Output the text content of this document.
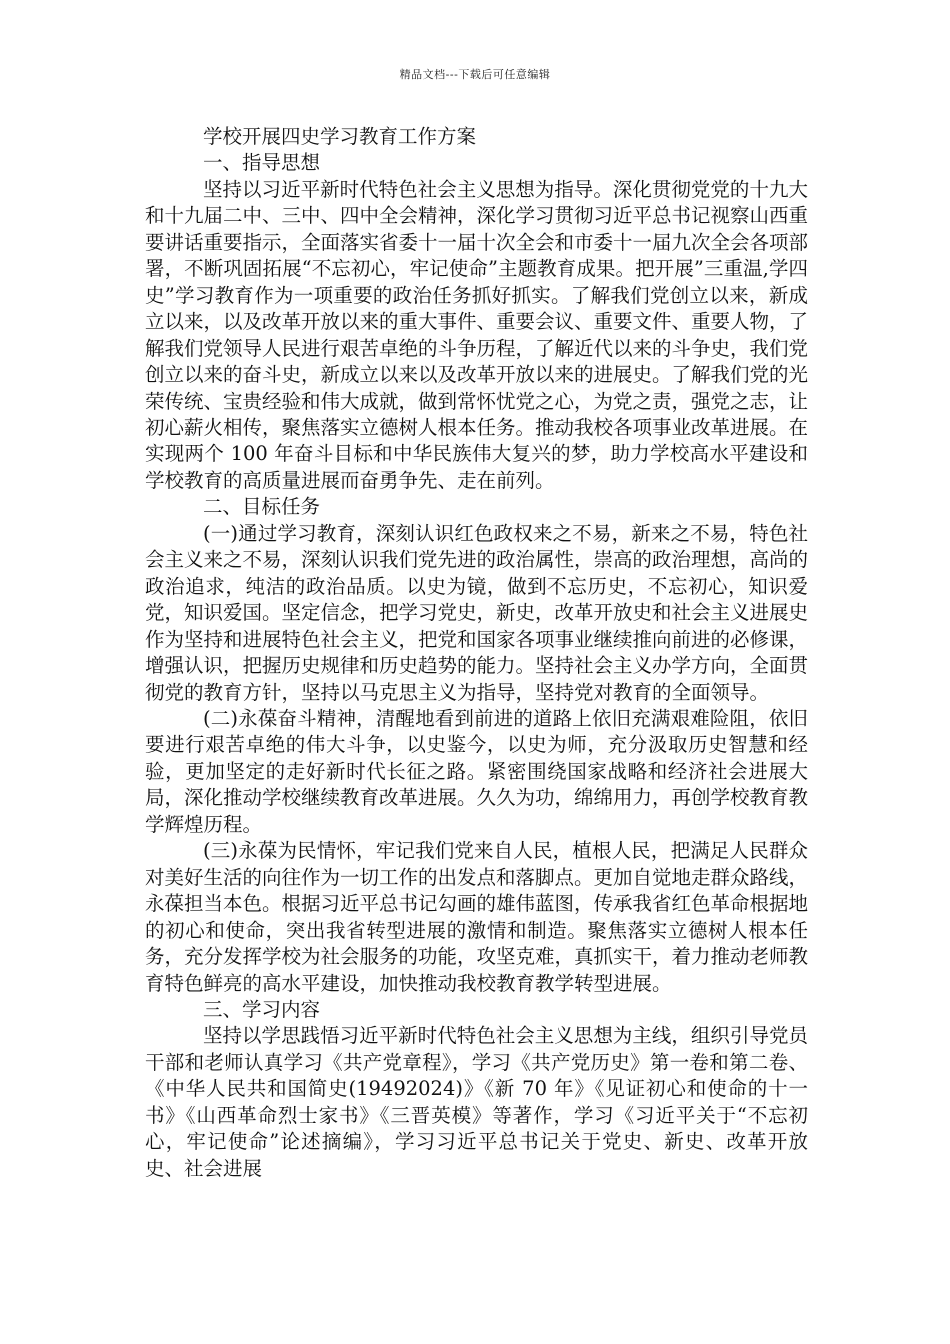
精品文档---下载后可任意编辑

学校开展四史学习教育工作方案

一、指导思想

坚持以习近平新时代特色社会主义思想为指导。深化贯彻党党的十九大和十九届二中、三中、四中全会精神，深化学习贯彻习近平总书记视察山西重要讲话重要指示，全面落实省委十一届十次全会和市委十一届九次全会各项部署，不断巩固拓展“不忘初心，牢记使命”主题教育成果。把开展”三重温,学四史”学习教育作为一项重要的政治任务抓好抓实。了解我们党创立以来，新成立以来，以及改革开放以来的重大事件、重要会议、重要文件、重要人物，了解我们党领导人民进行艰苦卓绝的斗争历程，了解近代以来的斗争史，我们党创立以来的奋斗史，新成立以来以及改革开放以来的进展史。了解我们党的光荣传统、宝贵经验和伟大成就，做到常怀忧党之心，为党之责，强党之志，让初心薪火相传，聚焦落实立德树人根本任务。推动我校各项事业改革进展。在实现两个 100 年奋斗目标和中华民族伟大复兴的梦，助力学校高水平建设和学校教育的高质量进展而奋勇争先、走在前列。

二、目标任务

(一)通过学习教育，深刻认识红色政权来之不易，新来之不易，特色社会主义来之不易，深刻认识我们党先进的政治属性，崇高的政治理想，高尚的政治追求，纯洁的政治品质。以史为镜，做到不忘历史，不忘初心，知识爱党，知识爱国。坚定信念，把学习党史，新史，改革开放史和社会主义进展史作为坚持和进展特色社会主义，把党和国家各项事业继续推向前进的必修课，增强认识，把握历史规律和历史趋势的能力。坚持社会主义办学方向，全面贯彻党的教育方针，坚持以马克思主义为指导，坚持党对教育的全面领导。

(二)永葆奋斗精神，清醒地看到前进的道路上依旧充满艰难险阻，依旧要进行艰苦卓绝的伟大斗争，以史鉴今，以史为师，充分汲取历史智慧和经验，更加坚定的走好新时代长征之路。紧密围绕国家战略和经济社会进展大局，深化推动学校继续教育改革进展。久久为功，绵绵用力，再创学校教育教学辉煌历程。

(三)永葆为民情怀，牢记我们党来自人民，植根人民，把满足人民群众对美好生活的向往作为一切工作的出发点和落脚点。更加自觉地走群众路线，永葆担当本色。根据习近平总书记勾画的雄伟蓝图，传承我省红色革命根据地的初心和使命，突出我省转型进展的激情和制造。聚焦落实立德树人根本任务，充分发挥学校为社会服务的功能，攻坚克难，真抓实干，着力推动老师教育特色鲜亮的高水平建设，加快推动我校教育教学转型进展。

三、学习内容

坚持以学思践悟习近平新时代特色社会主义思想为主线，组织引导党员干部和老师认真学习《共产党章程》，学习《共产党历史》第一卷和第二卷、《中华人民共和国简史(19492024)》《新 70 年》《见证初心和使命的十一书》《山西革命烈士家书》《三晋英模》等著作，学习《习近平关于“不忘初心，牢记使命”论述摘编》，学习习近平总书记关于党史、新史、改革开放史、社会进展
